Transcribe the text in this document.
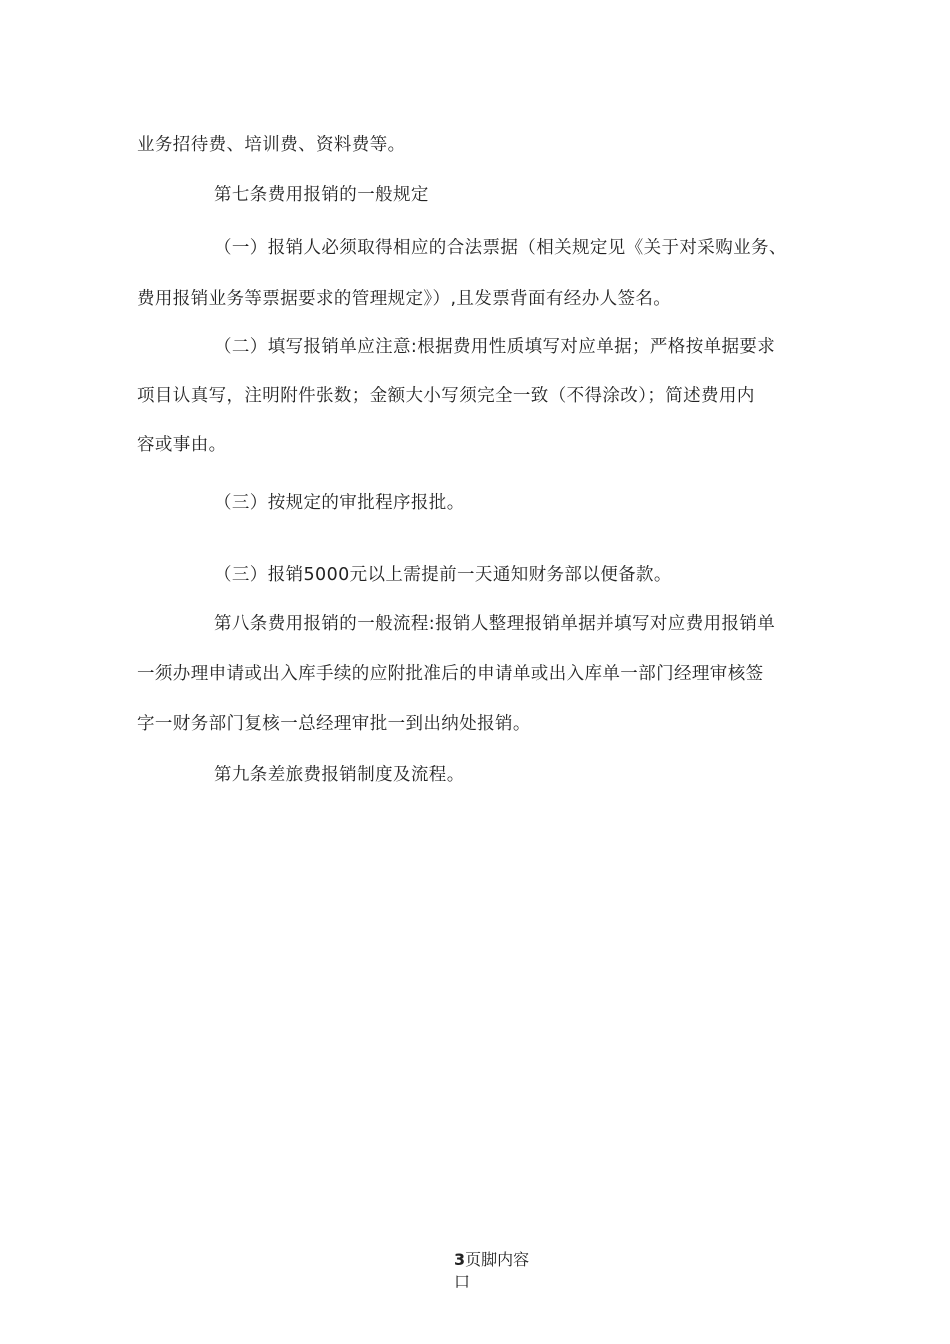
业务招待费、培训费、资料费等。
第七条费用报销的一般规定
（一）报销人必须取得相应的合法票据（相关规定见《关于对采购业务、
费用报销业务等票据要求的管理规定》）,且发票背面有经办人签名。
（二）填写报销单应注意:根据费用性质填写对应单据；严格按单据要求
项目认真写，注明附件张数；金额大小写须完全一致（不得涂改）；简述费用内
容或事由。
（三）按规定的审批程序报批。
（三）报销5000元以上需提前一天通知财务部以便备款。
第八条费用报销的一般流程:报销人整理报销单据并填写对应费用报销单
一须办理申请或出入库手续的应附批准后的申请单或出入库单一部门经理审核签
字一财务部门复核一总经理审批一到出纳处报销。
第九条差旅费报销制度及流程。
3页脚内容
口
